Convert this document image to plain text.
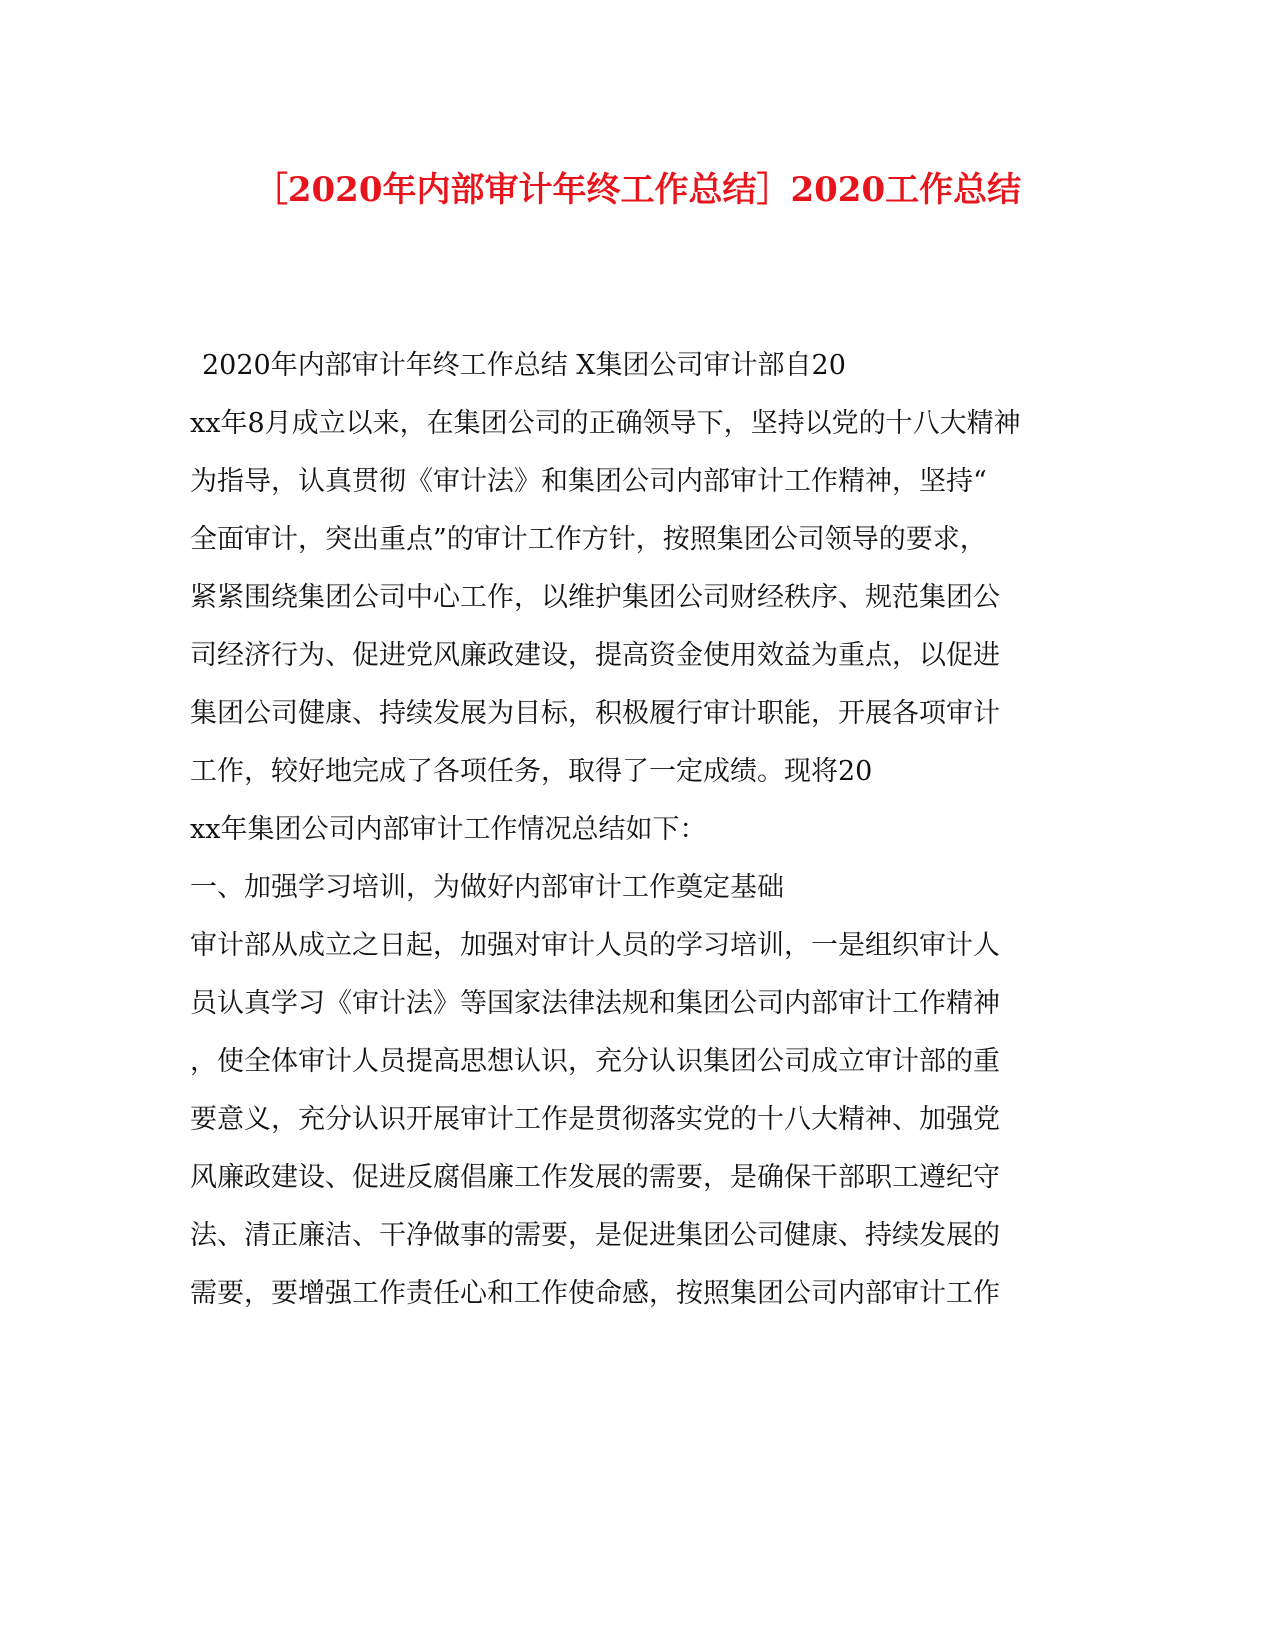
［2020年内部审计年终工作总结］2020工作总结

2020年内部审计年终工作总结 X集团公司审计部自20

xx年8月成立以来，在集团公司的正确领导下，坚持以党的十八大精神

为指导，认真贯彻《审计法》和集团公司内部审计工作精神，坚持“

全面审计，突出重点”的审计工作方针，按照集团公司领导的要求，

紧紧围绕集团公司中心工作，以维护集团公司财经秩序、规范集团公

司经济行为、促进党风廉政建设，提高资金使用效益为重点，以促进

集团公司健康、持续发展为目标，积极履行审计职能，开展各项审计

工作，较好地完成了各项任务，取得了一定成绩。现将20

xx年集团公司内部审计工作情况总结如下：

一、加强学习培训，为做好内部审计工作奠定基础

审计部从成立之日起，加强对审计人员的学习培训，一是组织审计人

员认真学习《审计法》等国家法律法规和集团公司内部审计工作精神

，使全体审计人员提高思想认识，充分认识集团公司成立审计部的重

要意义，充分认识开展审计工作是贯彻落实党的十八大精神、加强党

风廉政建设、促进反腐倡廉工作发展的需要，是确保干部职工遵纪守

法、清正廉洁、干净做事的需要，是促进集团公司健康、持续发展的

需要，要增强工作责任心和工作使命感，按照集团公司内部审计工作
